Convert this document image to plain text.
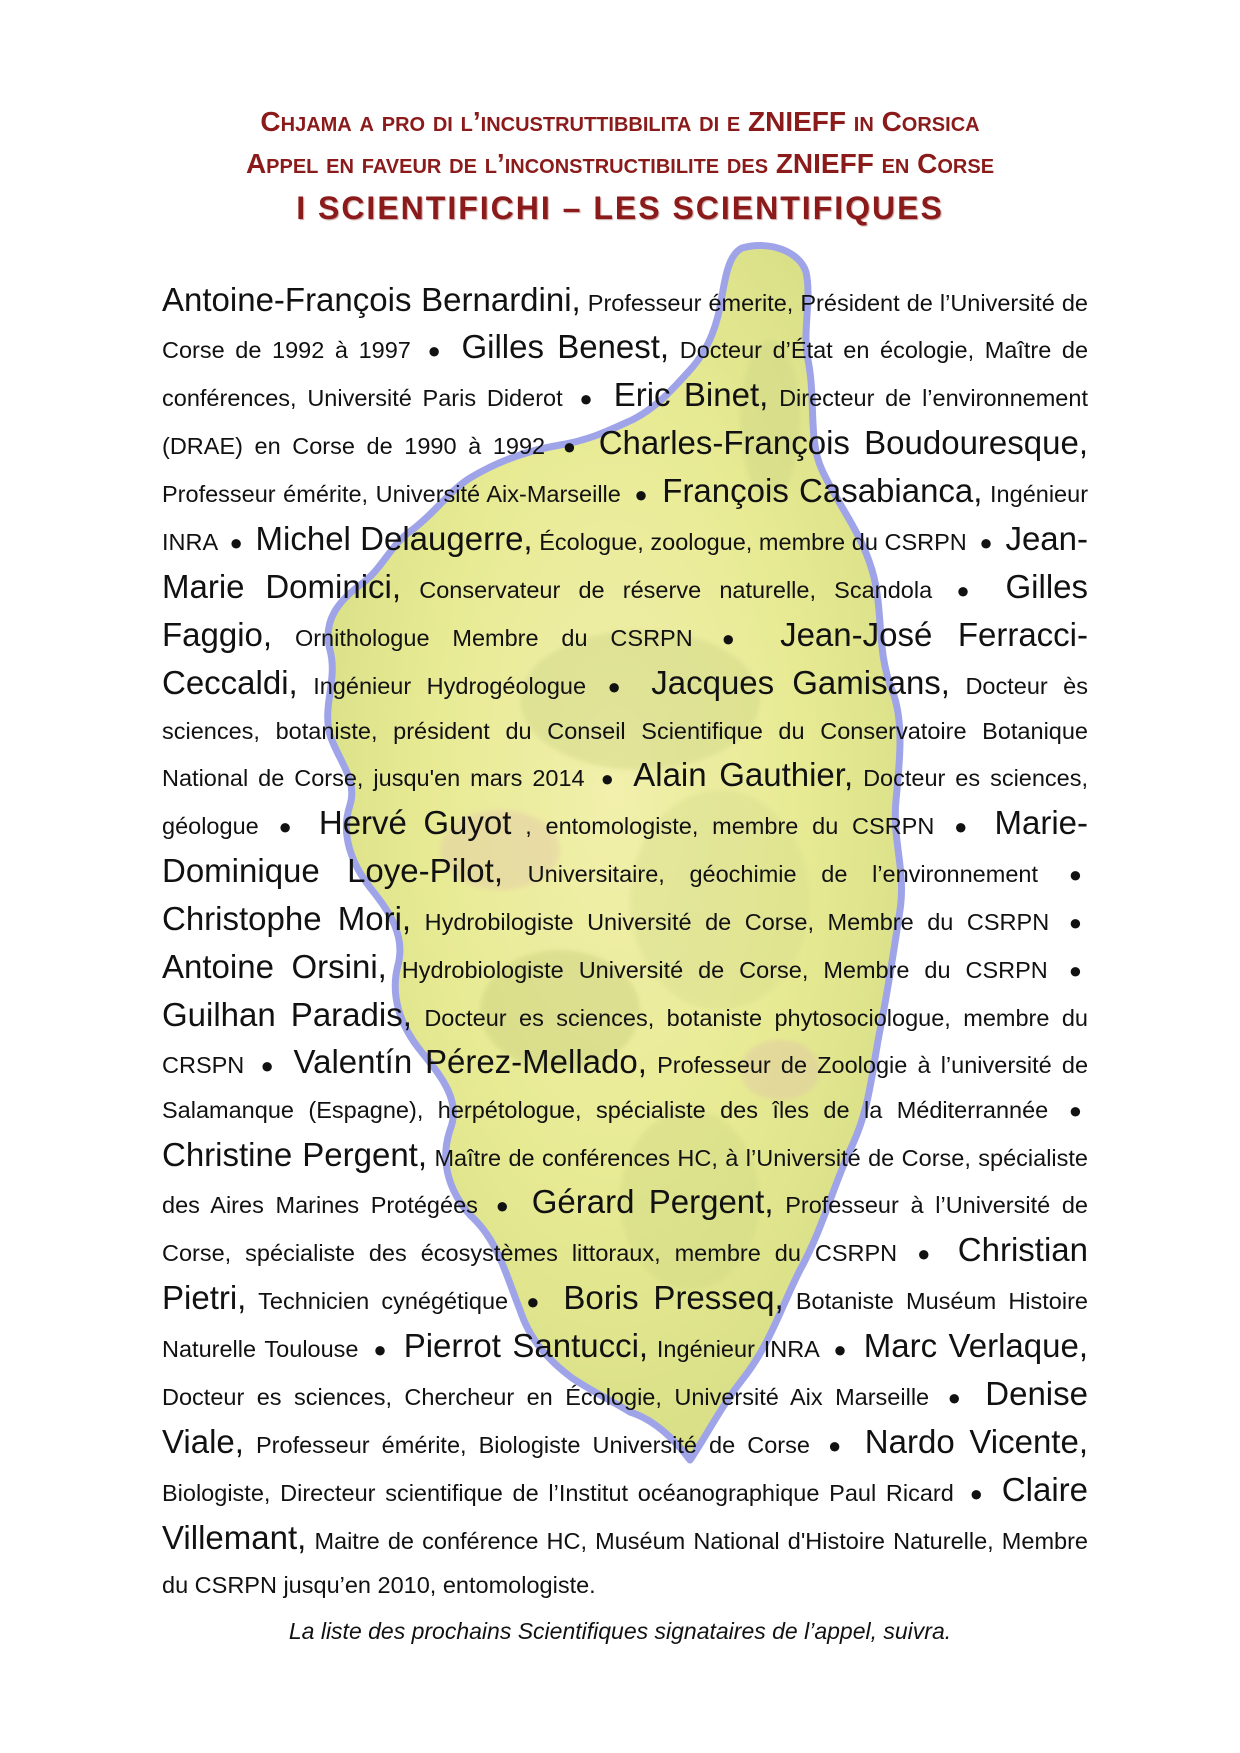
Chjama a pro di l’incustruttibbilita di e ZNIEFF in Corsica
Appel en faveur de l’inconstructibilite des ZNIEFF en Corse
I SCIENTIFICHI – LES SCIENTIFIQUES
Antoine-François Bernardini, Professeur émerite, Président de l’Université de Corse de 1992 à 1997 ● Gilles Benest, Docteur d’État en écologie, Maître de conférences, Université Paris Diderot ● Eric Binet, Directeur de l’environnement (DRAE) en Corse de 1990 à 1992 ● Charles-François Boudouresque, Professeur émérite, Université Aix-Marseille ● François Casabianca, Ingénieur INRA ● Michel Delaugerre, Écologue, zoologue, membre du CSRPN ● Jean-Marie Dominici, Conservateur de réserve naturelle, Scandola ● Gilles Faggio, Ornithologue Membre du CSRPN ● Jean-José Ferracci-Ceccaldi, Ingénieur Hydrogéologue ● Jacques Gamisans, Docteur ès sciences, botaniste, président du Conseil Scientifique du Conservatoire Botanique National de Corse, jusqu'en mars 2014 ● Alain Gauthier, Docteur es sciences, géologue ● Hervé Guyot , entomologiste, membre du CSRPN ● Marie-Dominique Loye-Pilot, Universitaire, géochimie de l’environnement ● Christophe Mori, Hydrobilogiste Université de Corse, Membre du CSRPN ● Antoine Orsini, Hydrobiologiste Université de Corse, Membre du CSRPN ● Guilhan Paradis, Docteur es sciences, botaniste phytosociologue, membre du CRSPN ● Valentín Pérez-Mellado, Professeur de Zoologie à l’université de Salamanque (Espagne), herpétologue, spécialiste des îles de la Méditerrannée ● Christine Pergent, Maître de conférences HC, à l’Université de Corse, spécialiste des Aires Marines Protégées ● Gérard Pergent, Professeur à l’Université de Corse, spécialiste des écosystèmes littoraux, membre du CSRPN ● Christian Pietri, Technicien cynégétique ● Boris Presseq, Botaniste Muséum Histoire Naturelle Toulouse ● Pierrot Santucci, Ingénieur INRA ● Marc Verlaque, Docteur es sciences, Chercheur en Écologie, Université Aix Marseille ● Denise Viale, Professeur émérite, Biologiste Université de Corse ● Nardo Vicente, Biologiste, Directeur scientifique de l’Institut océanographique Paul Ricard ● Claire Villemant, Maitre de conférence HC, Muséum National d'Histoire Naturelle, Membre du CSRPN jusqu’en 2010, entomologiste.
La liste des prochains Scientifiques signataires de l’appel, suivra.
